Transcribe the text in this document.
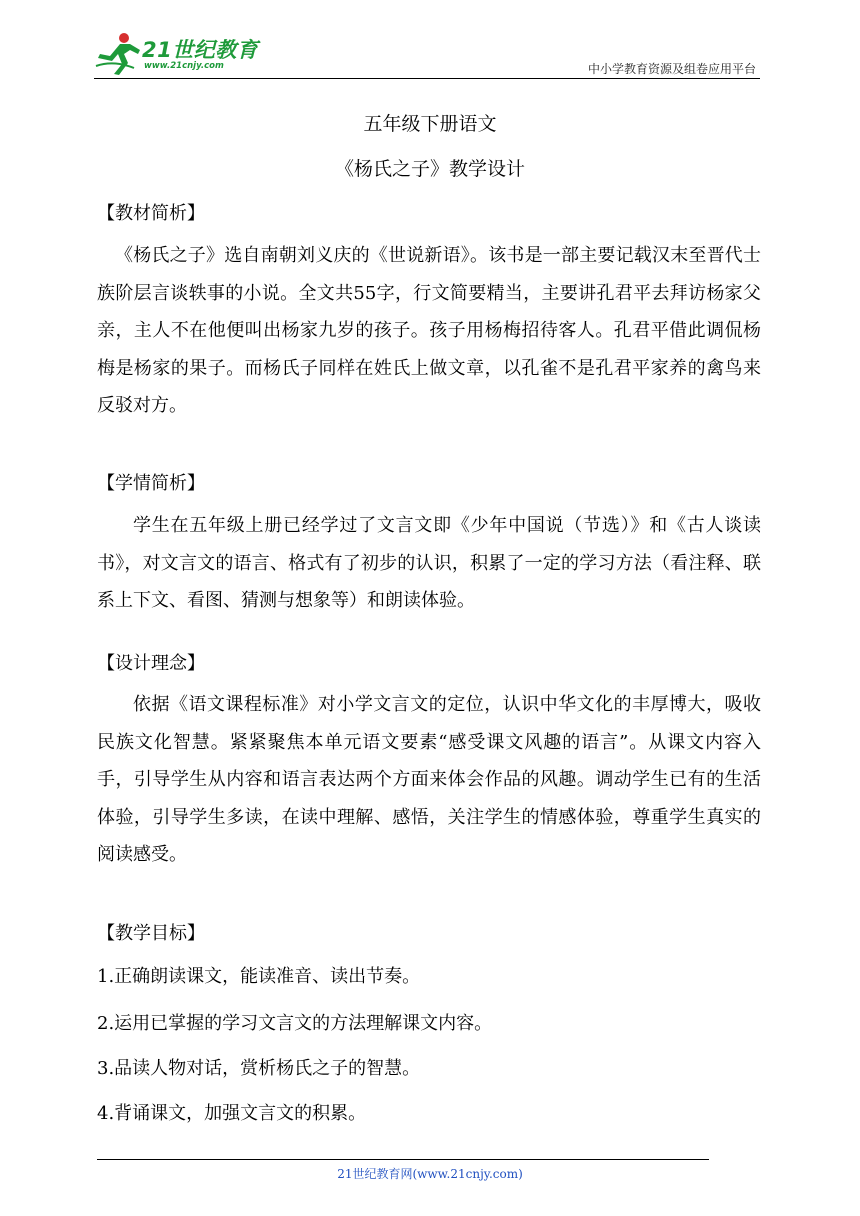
21世纪教育
www.21cnjy.com	中小学教育资源及组卷应用平台
五年级下册语文
《杨氏之子》教学设计
【教材简析】

《杨氏之子》选自南朝刘义庆的《世说新语》。该书是一部主要记载汉末至晋代士族阶层言谈轶事的小说。全文共55字，行文简要精当，主要讲孔君平去拜访杨家父亲，主人不在他便叫出杨家九岁的孩子。孩子用杨梅招待客人。孔君平借此调侃杨梅是杨家的果子。而杨氏子同样在姓氏上做文章，以孔雀不是孔君平家养的禽鸟来反驳对方。

【学情简析】

学生在五年级上册已经学过了文言文即《少年中国说（节选）》和《古人谈读书》，对文言文的语言、格式有了初步的认识，积累了一定的学习方法（看注释、联系上下文、看图、猜测与想象等）和朗读体验。

【设计理念】

依据《语文课程标准》对小学文言文的定位，认识中华文化的丰厚博大，吸收民族文化智慧。紧紧聚焦本单元语文要素“感受课文风趣的语言”。从课文内容入手，引导学生从内容和语言表达两个方面来体会作品的风趣。调动学生已有的生活体验，引导学生多读，在读中理解、感悟，关注学生的情感体验，尊重学生真实的阅读感受。

【教学目标】
1.正确朗读课文，能读准音、读出节奏。
2.运用已掌握的学习文言文的方法理解课文内容。
3.品读人物对话，赏析杨氏之子的智慧。
4.背诵课文，加强文言文的积累。
21世纪教育网(www.21cnjy.com)
